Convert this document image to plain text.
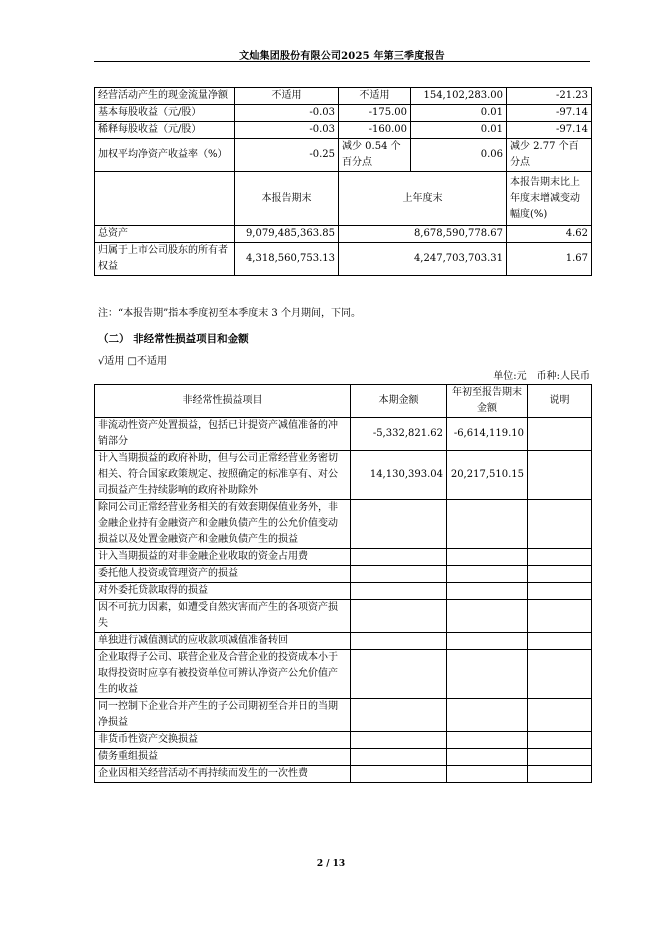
文灿集团股份有限公司2025 年第三季度报告
经营活动产生的现金流量净额	不适用	不适用	154,102,283.00	-21.23
基本每股收益（元/股）	-0.03	-175.00	0.01	-97.14
稀释每股收益（元/股）	-0.03	-160.00	0.01	-97.14
加权平均净资产收益率（%）	-0.25	减少 0.54 个百分点	0.06	减少 2.77 个百分点
	本报告期末	上年度末		本报告期末比上年度末增减变动幅度(%)
总资产	9,079,485,363.85	8,678,590,778.67		4.62
归属于上市公司股东的所有者权益	4,318,560,753.13	4,247,703,703.31		1.67
注：“本报告期”指本季度初至本季度末 3 个月期间，下同。
（二） 非经常性损益项目和金额
√适用 □不适用
单位:元 币种:人民币
非经常性损益项目	本期金额	年初至报告期末金额	说明
非流动性资产处置损益，包括已计提资产减值准备的冲销部分	-5,332,821.62	-6,614,119.10	
计入当期损益的政府补助，但与公司正常经营业务密切相关、符合国家政策规定、按照确定的标准享有、对公司损益产生持续影响的政府补助除外	14,130,393.04	20,217,510.15	
除同公司正常经营业务相关的有效套期保值业务外，非金融企业持有金融资产和金融负债产生的公允价值变动损益以及处置金融资产和金融负债产生的损益			
计入当期损益的对非金融企业收取的资金占用费			
委托他人投资或管理资产的损益			
对外委托贷款取得的损益			
因不可抗力因素，如遭受自然灾害而产生的各项资产损失			
单独进行减值测试的应收款项减值准备转回			
企业取得子公司、联营企业及合营企业的投资成本小于取得投资时应享有被投资单位可辨认净资产公允价值产生的收益			
同一控制下企业合并产生的子公司期初至合并日的当期净损益			
非货币性资产交换损益			
债务重组损益			
企业因相关经营活动不再持续而发生的一次性费			
2 / 13
